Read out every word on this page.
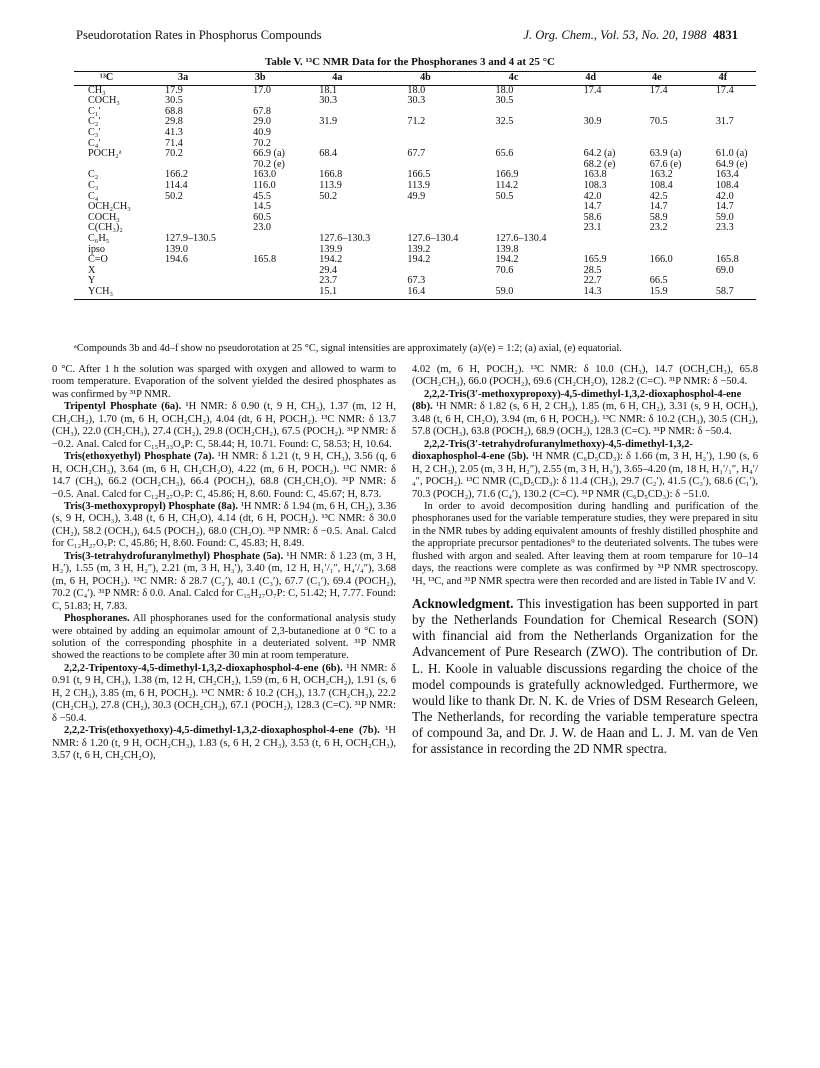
Pseudorotation Rates in Phosphorus Compounds	J. Org. Chem., Vol. 53, No. 20, 1988 4831
Table V. ¹³C NMR Data for the Phosphoranes 3 and 4 at 25 °C
¹³C	3a	3b	4a	4b	4c	4d	4e	4f
CH₃	17.9	17.0	18.1	18.0	18.0	17.4	17.4	17.4
COCH₃	30.5		30.3	30.3	30.5			
C₁′	68.8	67.8						
C₂′	29.8	29.0	31.9	71.2	32.5	30.9	70.5	31.7
C₃′	41.3	40.9						
C₄′	71.4	70.2						
POCH₂ᵃ	70.2	66.9 (a)	68.4	67.7	65.6	64.2 (a)	63.9 (a)	61.0 (a)
		70.2 (e)				68.2 (e)	67.6 (e)	64.9 (e)
C₂	166.2	163.0	166.8	166.5	166.9	163.8	163.2	163.4
C₃	114.4	116.0	113.9	113.9	114.2	108.3	108.4	108.4
C₄	50.2	45.5	50.2	49.9	50.5	42.0	42.5	42.0
OCH₂CH₃		14.5				14.7	14.7	14.7
COCH₃		60.5				58.6	58.9	59.0
C(CH₃)₂		23.0				23.1	23.2	23.3
C₆H₅	127.9–130.5		127.6–130.3	127.6–130.4	127.6–130.4			
ipso	139.0		139.9	139.2	139.8			
C=O	194.6	165.8	194.2	194.2	194.2	165.9	166.0	165.8
X			29.4		70.6	28.5		69.0
Y			23.7	67.3		22.7	66.5	
YCH₃			15.1	16.4	59.0	14.3	15.9	58.7
ᵃCompounds 3b and 4d–f show no pseudorotation at 25 °C, signal intensities are approximately (a)/(e) = 1:2; (a) axial, (e) equatorial.

0 °C. After 1 h the solution was sparged with oxygen and allowed to warm to room temperature. Evaporation of the solvent yielded the desired phosphates as was confirmed by ³¹P NMR.

Tripentyl Phosphate (6a). ¹H NMR: δ 0.90 (t, 9 H, CH₃), 1.37 (m, 12 H, CH₂CH₂), 1.70 (m, 6 H, OCH₂CH₂), 4.04 (dt, 6 H, POCH₂). ¹³C NMR: δ 13.7 (CH₃), 22.0 (CH₂CH₃), 27.4 (CH₂), 29.8 (OCH₂CH₂), 67.5 (POCH₂). ³¹P NMR: δ −0.2. Anal. Calcd for C₁₅H₃₃O₄P: C, 58.44; H, 10.71. Found: C, 58.53; H, 10.64.

Tris(ethoxyethyl) Phosphate (7a). ¹H NMR: δ 1.21 (t, 9 H, CH₃), 3.56 (q, 6 H, OCH₂CH₃), 3.64 (m, 6 H, CH₂CH₂O), 4.22 (m, 6 H, POCH₂). ¹³C NMR: δ 14.7 (CH₃), 66.2 (OCH₂CH₃), 66.4 (POCH₂), 68.8 (CH₂CH₂O). ³¹P NMR: δ −0.5. Anal. Calcd for C₁₂H₂₇O₇P: C, 45.86; H, 8.60. Found: C, 45.67; H, 8.73.

Tris(3-methoxypropyl) Phosphate (8a). ¹H NMR: δ 1.94 (m, 6 H, CH₂), 3.36 (s, 9 H, OCH₃), 3.48 (t, 6 H, CH₂O), 4.14 (dt, 6 H, POCH₂). ¹³C NMR: δ 30.0 (CH₂), 58.2 (OCH₃), 64.5 (POCH₂), 68.0 (CH₂O). ³¹P NMR: δ −0.5. Anal. Calcd for C₁₂H₂₇O₇P: C, 45.86; H, 8.60. Found: C, 45.83; H, 8.49.

Tris(3-tetrahydrofuranylmethyl) Phosphate (5a). ¹H NMR: δ 1.23 (m, 3 H, H₂′), 1.55 (m, 3 H, H₂″), 2.21 (m, 3 H, H₃′), 3.40 (m, 12 H, H₁′/₁″, H₄′/₄″), 3.68 (m, 6 H, POCH₂). ¹³C NMR: δ 28.7 (C₂′), 40.1 (C₃′), 67.7 (C₁′), 69.4 (POCH₂), 70.2 (C₄′). ³¹P NMR: δ 0.0. Anal. Calcd for C₁₅H₂₇O₇P: C, 51.42; H, 7.77. Found: C, 51.83; H, 7.83.

Phosphoranes. All phosphoranes used for the conformational analysis study were obtained by adding an equimolar amount of 2,3-butanedione at 0 °C to a solution of the corresponding phosphite in a deuteriated solvent. ³¹P NMR showed the reactions to be complete after 30 min at room temperature.

2,2,2-Tripentoxy-4,5-dimethyl-1,3,2-dioxaphosphol-4-ene (6b). ¹H NMR: δ 0.91 (t, 9 H, CH₃), 1.38 (m, 12 H, CH₂CH₂), 1.59 (m, 6 H, OCH₂CH₂), 1.91 (s, 6 H, 2 CH₃), 3.85 (m, 6 H, POCH₂). ¹³C NMR: δ 10.2 (CH₃), 13.7 (CH₂CH₃), 22.2 (CH₂CH₃), 27.8 (CH₂), 30.3 (OCH₂CH₂), 67.1 (POCH₂), 128.3 (C=C). ³¹P NMR: δ −50.4.

2,2,2-Tris(ethoxyethoxy)-4,5-dimethyl-1,3,2-dioxaphosphol-4-ene (7b). ¹H NMR: δ 1.20 (t, 9 H, OCH₂CH₃), 1.83 (s, 6 H, 2 CH₃), 3.53 (t, 6 H, OCH₂CH₃), 3.57 (t, 6 H, CH₂CH₂O),

4.02 (m, 6 H, POCH₂). ¹³C NMR: δ 10.0 (CH₃), 14.7 (OCH₂CH₃), 65.8 (OCH₂CH₃), 66.0 (POCH₂), 69.6 (CH₂CH₂O), 128.2 (C=C). ³¹P NMR: δ −50.4.

2,2,2-Tris(3′-methoxypropoxy)-4,5-dimethyl-1,3,2-dioxaphosphol-4-ene (8b). ¹H NMR: δ 1.82 (s, 6 H, 2 CH₃), 1.85 (m, 6 H, CH₂), 3.31 (s, 9 H, OCH₃), 3.48 (t, 6 H, CH₂O), 3.94 (m, 6 H, POCH₂). ¹³C NMR: δ 10.2 (CH₃), 30.5 (CH₂), 57.8 (OCH₃), 63.8 (POCH₂), 68.9 (OCH₂), 128.3 (C=C). ³¹P NMR: δ −50.4.

2,2,2-Tris(3′-tetrahydrofuranylmethoxy)-4,5-dimethyl-1,3,2-dioxaphosphol-4-ene (5b). ¹H NMR (C₆D₅CD₃): δ 1.66 (m, 3 H, H₂′), 1.90 (s, 6 H, 2 CH₃), 2.05 (m, 3 H, H₂″), 2.55 (m, 3 H, H₃′), 3.65–4.20 (m, 18 H, H₁′/₁″, H₄′/₄″, POCH₂). ¹³C NMR (C₆D₅CD₃): δ 11.4 (CH₃), 29.7 (C₂′), 41.5 (C₃′), 68.6 (C₁′), 70.3 (POCH₂), 71.6 (C₄′), 130.2 (C=C). ³¹P NMR (C₆D₅CD₃): δ −51.0.

In order to avoid decomposition during handling and purification of the phosphoranes used for the variable temperature studies, they were prepared in situ in the NMR tubes by adding equivalent amounts of freshly distilled phosphite and the appropriate precursor pentadiones⁹ to the deuteriated solvents. The tubes were flushed with argon and sealed. After leaving them at room temparure for 10–14 days, the reactions were complete as was confirmed by ³¹P NMR spectroscopy. ¹H, ¹³C, and ³¹P NMR spectra were then recorded and are listed in Table IV and V.

Acknowledgment. This investigation has been supported in part by the Netherlands Foundation for Chemical Research (SON) with financial aid from the Netherlands Organization for the Advancement of Pure Research (ZWO). The contribution of Dr. L. H. Koole in valuable discussions regarding the choice of the model compounds is gratefully acknowledged. Furthermore, we would like to thank Dr. N. K. de Vries of DSM Research Geleen, The Netherlands, for recording the variable temperature spectra of compound 3a, and Dr. J. W. de Haan and L. J. M. van de Ven for assistance in recording the 2D NMR spectra.
